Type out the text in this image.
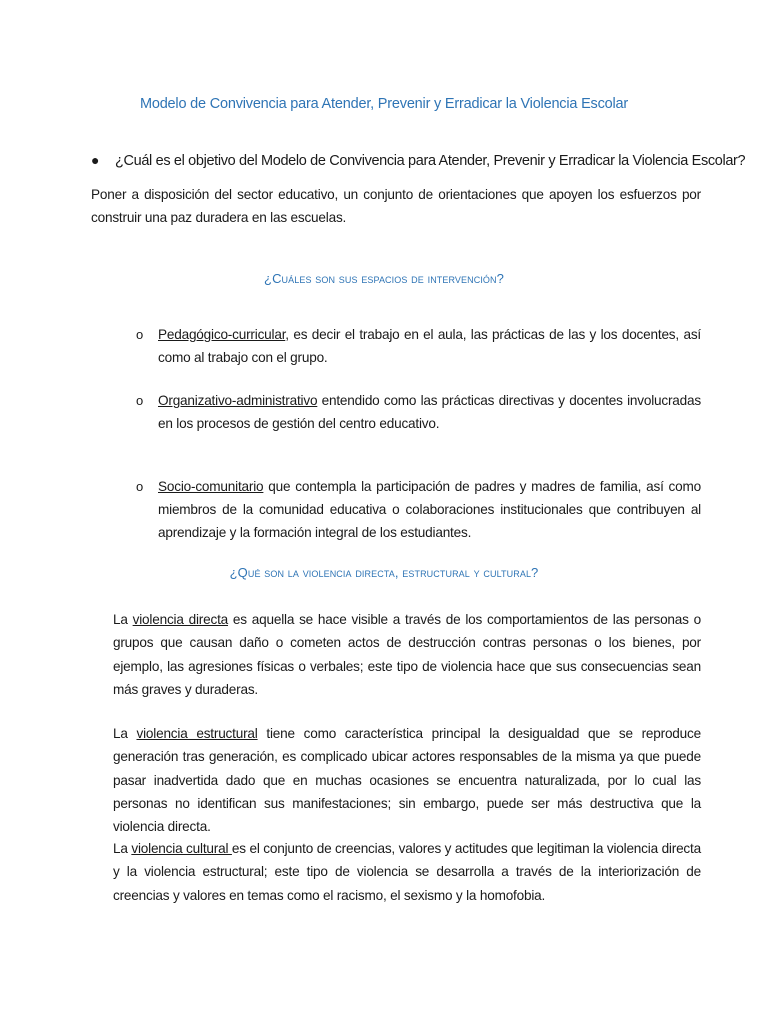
Modelo de Convivencia para Atender, Prevenir y Erradicar la Violencia Escolar
● ¿Cuál es el objetivo del Modelo de Convivencia para Atender, Prevenir y Erradicar la Violencia Escolar?
Poner a disposición del sector educativo, un conjunto de orientaciones que apoyen los esfuerzos por construir una paz duradera en las escuelas.
¿Cuáles son sus espacios de intervención?
o Pedagógico-curricular, es decir el trabajo en el aula, las prácticas de las y los docentes, así como al trabajo con el grupo.
o Organizativo-administrativo entendido como las prácticas directivas y docentes involucradas en los procesos de gestión del centro educativo.
o Socio-comunitario que contempla la participación de padres y madres de familia, así como miembros de la comunidad educativa o colaboraciones institucionales que contribuyen al aprendizaje y la formación integral de los estudiantes.
¿Qué son la violencia directa, estructural y cultural?
La violencia directa es aquella se hace visible a través de los comportamientos de las personas o grupos que causan daño o cometen actos de destrucción contras personas o los bienes, por ejemplo, las agresiones físicas o verbales; este tipo de violencia hace que sus consecuencias sean más graves y duraderas.
La violencia estructural tiene como característica principal la desigualdad que se reproduce generación tras generación, es complicado ubicar actores responsables de la misma ya que puede pasar inadvertida dado que en muchas ocasiones se encuentra naturalizada, por lo cual las personas no identifican sus manifestaciones; sin embargo, puede ser más destructiva que la violencia directa.
La violencia cultural es el conjunto de creencias, valores y actitudes que legitiman la violencia directa y la violencia estructural; este tipo de violencia se desarrolla a través de la interiorización de creencias y valores en temas como el racismo, el sexismo y la homofobia.
